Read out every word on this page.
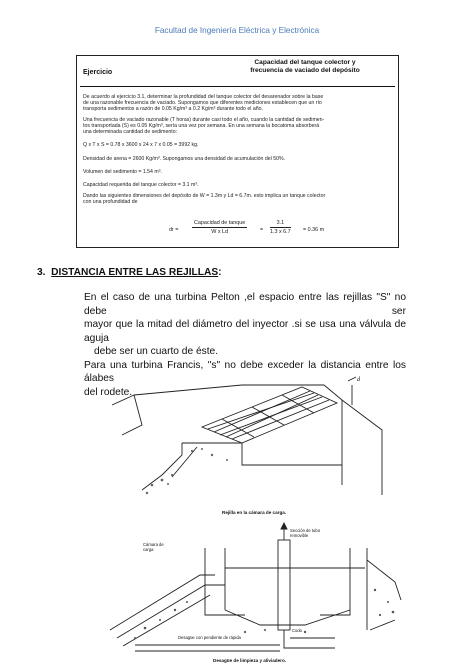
Facultad de Ingeniería Eléctrica y Electrónica
Ejercicio
Capacidad del tanque colector y
frecuencia de vaciado del depósito
De acuerdo al ejercicio 3.1, determinar la profundidad del tanque colector del desarenador sobre la base
de una razonable frecuencia de vaciado. Supongamos que diferentes mediciones establecen que un río
transporta sedimentos a razón de 0.05 Kg/m³ a 0.2 Kg/m³ durante todo el año.
Una frecuencia de vaciado razonable (T horas) durante casi todo el año, cuando la cantidad de sedimen-
tos transportada (S) es 0.05 Kg/m³, sería una vez por semana. En una semana la bocatoma absorberá
una determinada cantidad de sedimento:
Q x T x S = 0.78 x 3600 x 24 x 7 x 0.05 = 3992 kg.
Densidad de arena = 2600 Kg/m³. Supongamos una densidad de acumulación del 50%.
Volumen del sedimento = 1.54 m³.
Capacidad requerida del tanque colector = 3.1 m³.
Dando las siguientes dimensiones del depósito de W = 1.3m y Ld = 6.7m. esto implica un tanque colector
con una profundidad de
dr =
Capacidad de tanque
W x Ld	= $\frac{3.1}{1.3 x 6.7} = 0.36$ m
3. DISTANCIA ENTRE LAS REJILLAS:

En el caso de una turbina Pelton ,el espacio entre las rejillas "S" no debe ser

mayor que la mitad del diámetro del inyector .si se usa una válvula de aguja

debe ser un cuarto de éste.

Para una turbina Francis, "s" no debe exceder la distancia entre los álabes

del rodete.

d
Rejilla en la cámara de carga.
Cámara de
carga
Sección de tubo
removible
Desagüe con pendiente de rápida
Codo
Desagüe de limpieza y aliviadero.
